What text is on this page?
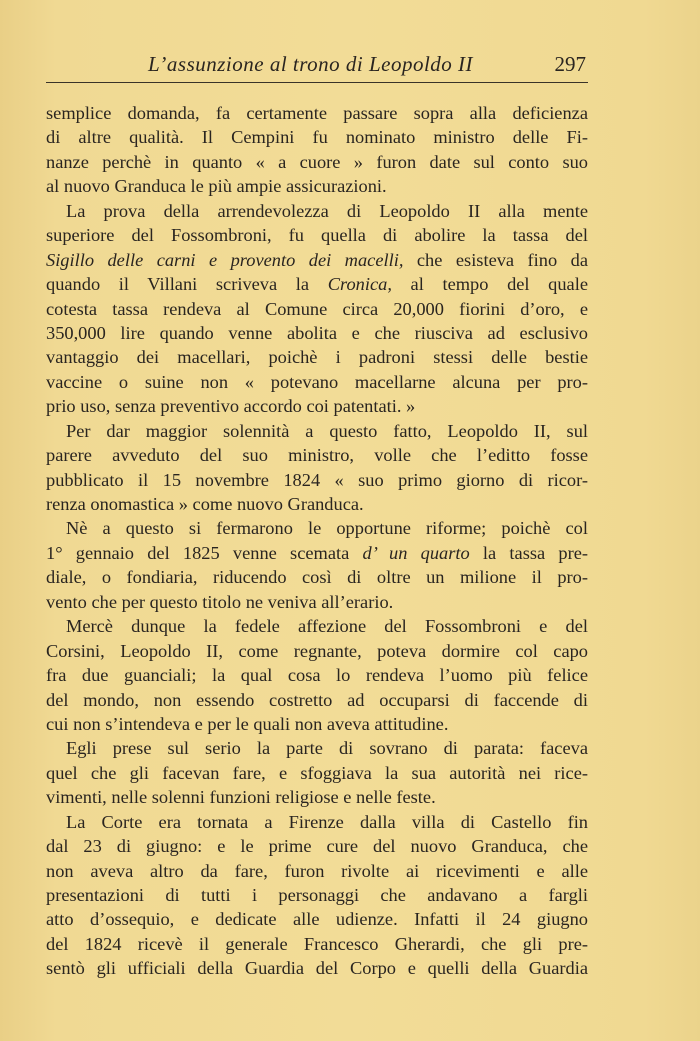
L’assunzione al trono di Leopoldo II	297
semplice domanda, fa certamente passare sopra alla deficienza
di altre qualità. Il Cempini fu nominato ministro delle Fi-
nanze perchè in quanto « a cuore » furon date sul conto suo
al nuovo Granduca le più ampie assicurazioni.
La prova della arrendevolezza di Leopoldo II alla mente
superiore del Fossombroni, fu quella di abolire la tassa del
Sigillo delle carni e provento dei macelli, che esisteva fino da
quando il Villani scriveva la Cronica, al tempo del quale
cotesta tassa rendeva al Comune circa 20,000 fiorini d’oro, e
350,000 lire quando venne abolita e che riusciva ad esclusivo
vantaggio dei macellari, poichè i padroni stessi delle bestie
vaccine o suine non « potevano macellarne alcuna per pro-
prio uso, senza preventivo accordo coi patentati. »
Per dar maggior solennità a questo fatto, Leopoldo II, sul
parere avveduto del suo ministro, volle che l’editto fosse
pubblicato il 15 novembre 1824 « suo primo giorno di ricor-
renza onomastica » come nuovo Granduca.
Nè a questo si fermarono le opportune riforme; poichè col
1° gennaio del 1825 venne scemata d’ un quarto la tassa pre-
diale, o fondiaria, riducendo così di oltre un milione il pro-
vento che per questo titolo ne veniva all’erario.
Mercè dunque la fedele affezione del Fossombroni e del
Corsini, Leopoldo II, come regnante, poteva dormire col capo
fra due guanciali; la qual cosa lo rendeva l’uomo più felice
del mondo, non essendo costretto ad occuparsi di faccende di
cui non s’intendeva e per le quali non aveva attitudine.
Egli prese sul serio la parte di sovrano di parata: faceva
quel che gli facevan fare, e sfoggiava la sua autorità nei rice-
vimenti, nelle solenni funzioni religiose e nelle feste.
La Corte era tornata a Firenze dalla villa di Castello fin
dal 23 di giugno: e le prime cure del nuovo Granduca, che
non aveva altro da fare, furon rivolte ai ricevimenti e alle
presentazioni di tutti i personaggi che andavano a fargli
atto d’ossequio, e dedicate alle udienze. Infatti il 24 giugno
del 1824 ricevè il generale Francesco Gherardi, che gli pre-
sentò gli ufficiali della Guardia del Corpo e quelli della Guardia
